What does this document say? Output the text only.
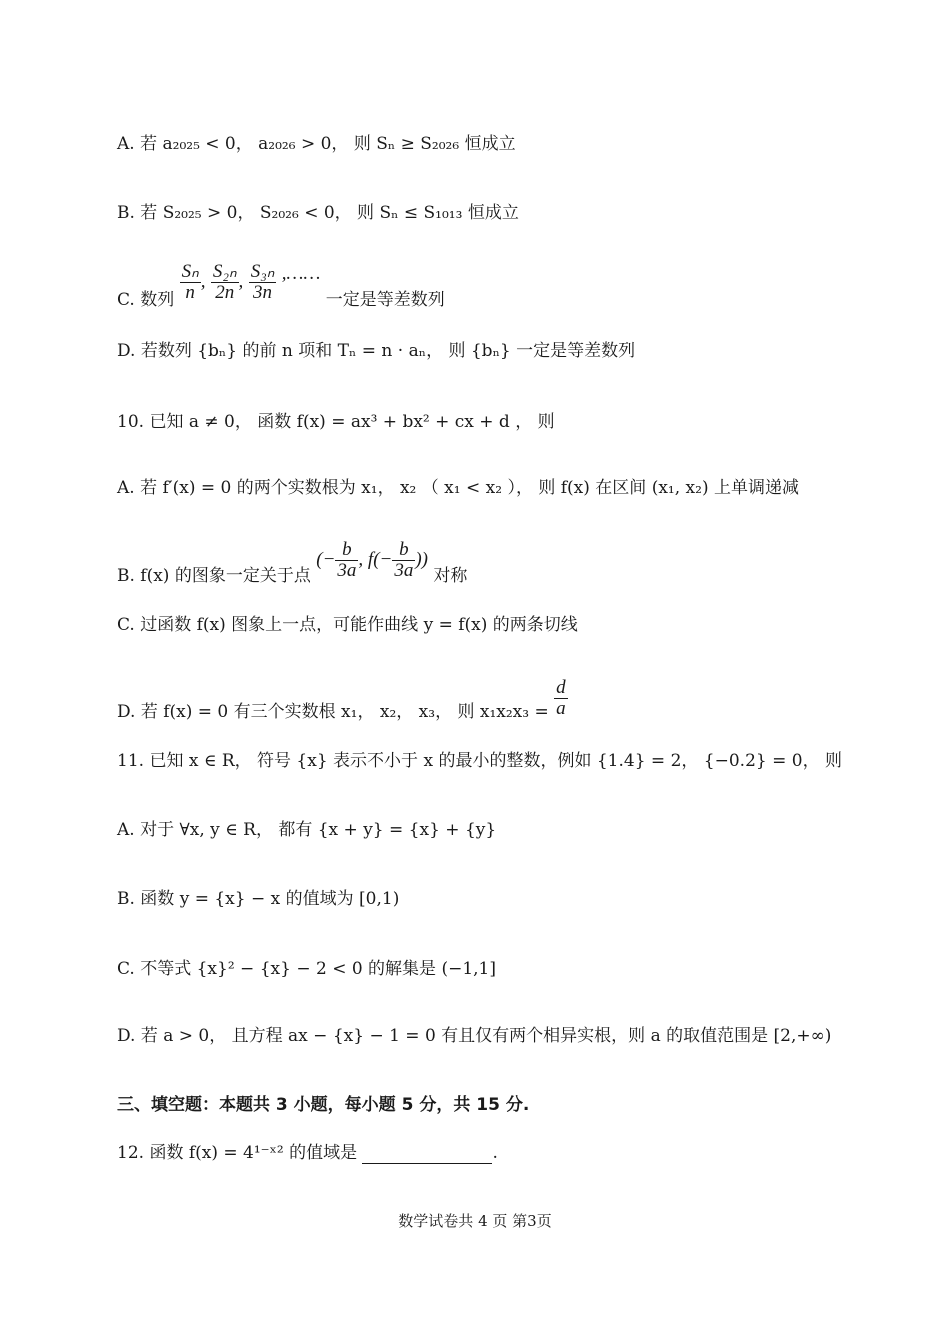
A. 若 a₂₀₂₅ < 0， a₂₀₂₆ > 0， 则 Sₙ ≥ S₂₀₂₆ 恒成立
B. 若 S₂₀₂₅ > 0， S₂₀₂₆ < 0， 则 Sₙ ≤ S₁₀₁₃ 恒成立
C. 数列 $\frac{\text{Sₙ}}{n}$ , $\frac{\text{S₂ₙ}}{2n}$ , $\frac{\text{S₃ₙ}}{3n}$ ,…… 一定是等差数列
D. 若数列 {bₙ} 的前 n 项和 Tₙ = n · aₙ， 则 {bₙ} 一定是等差数列
10. 已知 a ≠ 0， 函数 f(x) = ax³ + bx² + cx + d ， 则
A. 若 f′(x) = 0 的两个实数根为 x₁， x₂ （ x₁ < x₂ ）， 则 f(x) 在区间 (x₁, x₂) 上单调递减
B. f(x) 的图象一定关于点 (− $\frac{b}{3a}$ , $f(- \frac{b}{3a}$ )) 对称
C. 过函数 f(x) 图象上一点，可能作曲线 y = f(x) 的两条切线
D. 若 f(x) = 0 有三个实数根 x₁， x₂， x₃， 则 $x_1x_2x_3 = \frac{d}{a}$
11. 已知 x ∈ R， 符号 {x} 表示不小于 x 的最小的整数，例如 {1.4} = 2， {−0.2} = 0， 则
A. 对于 ∀x, y ∈ R， 都有 {x + y} = {x} + {y}
B. 函数 y = {x} − x 的值域为 [0,1)
C. 不等式 {x}² − {x} − 2 < 0 的解集是 (−1,1]
D. 若 a > 0， 且方程 ax − {x} − 1 = 0 有且仅有两个相异实根，则 a 的取值范围是 [2,+∞)
三、填空题：本题共 3 小题，每小题 5 分，共 15 分.
12. 函数 f(x) = 4¹⁻ˣ² 的值域是	.
数学试卷共 4 页 第3页
